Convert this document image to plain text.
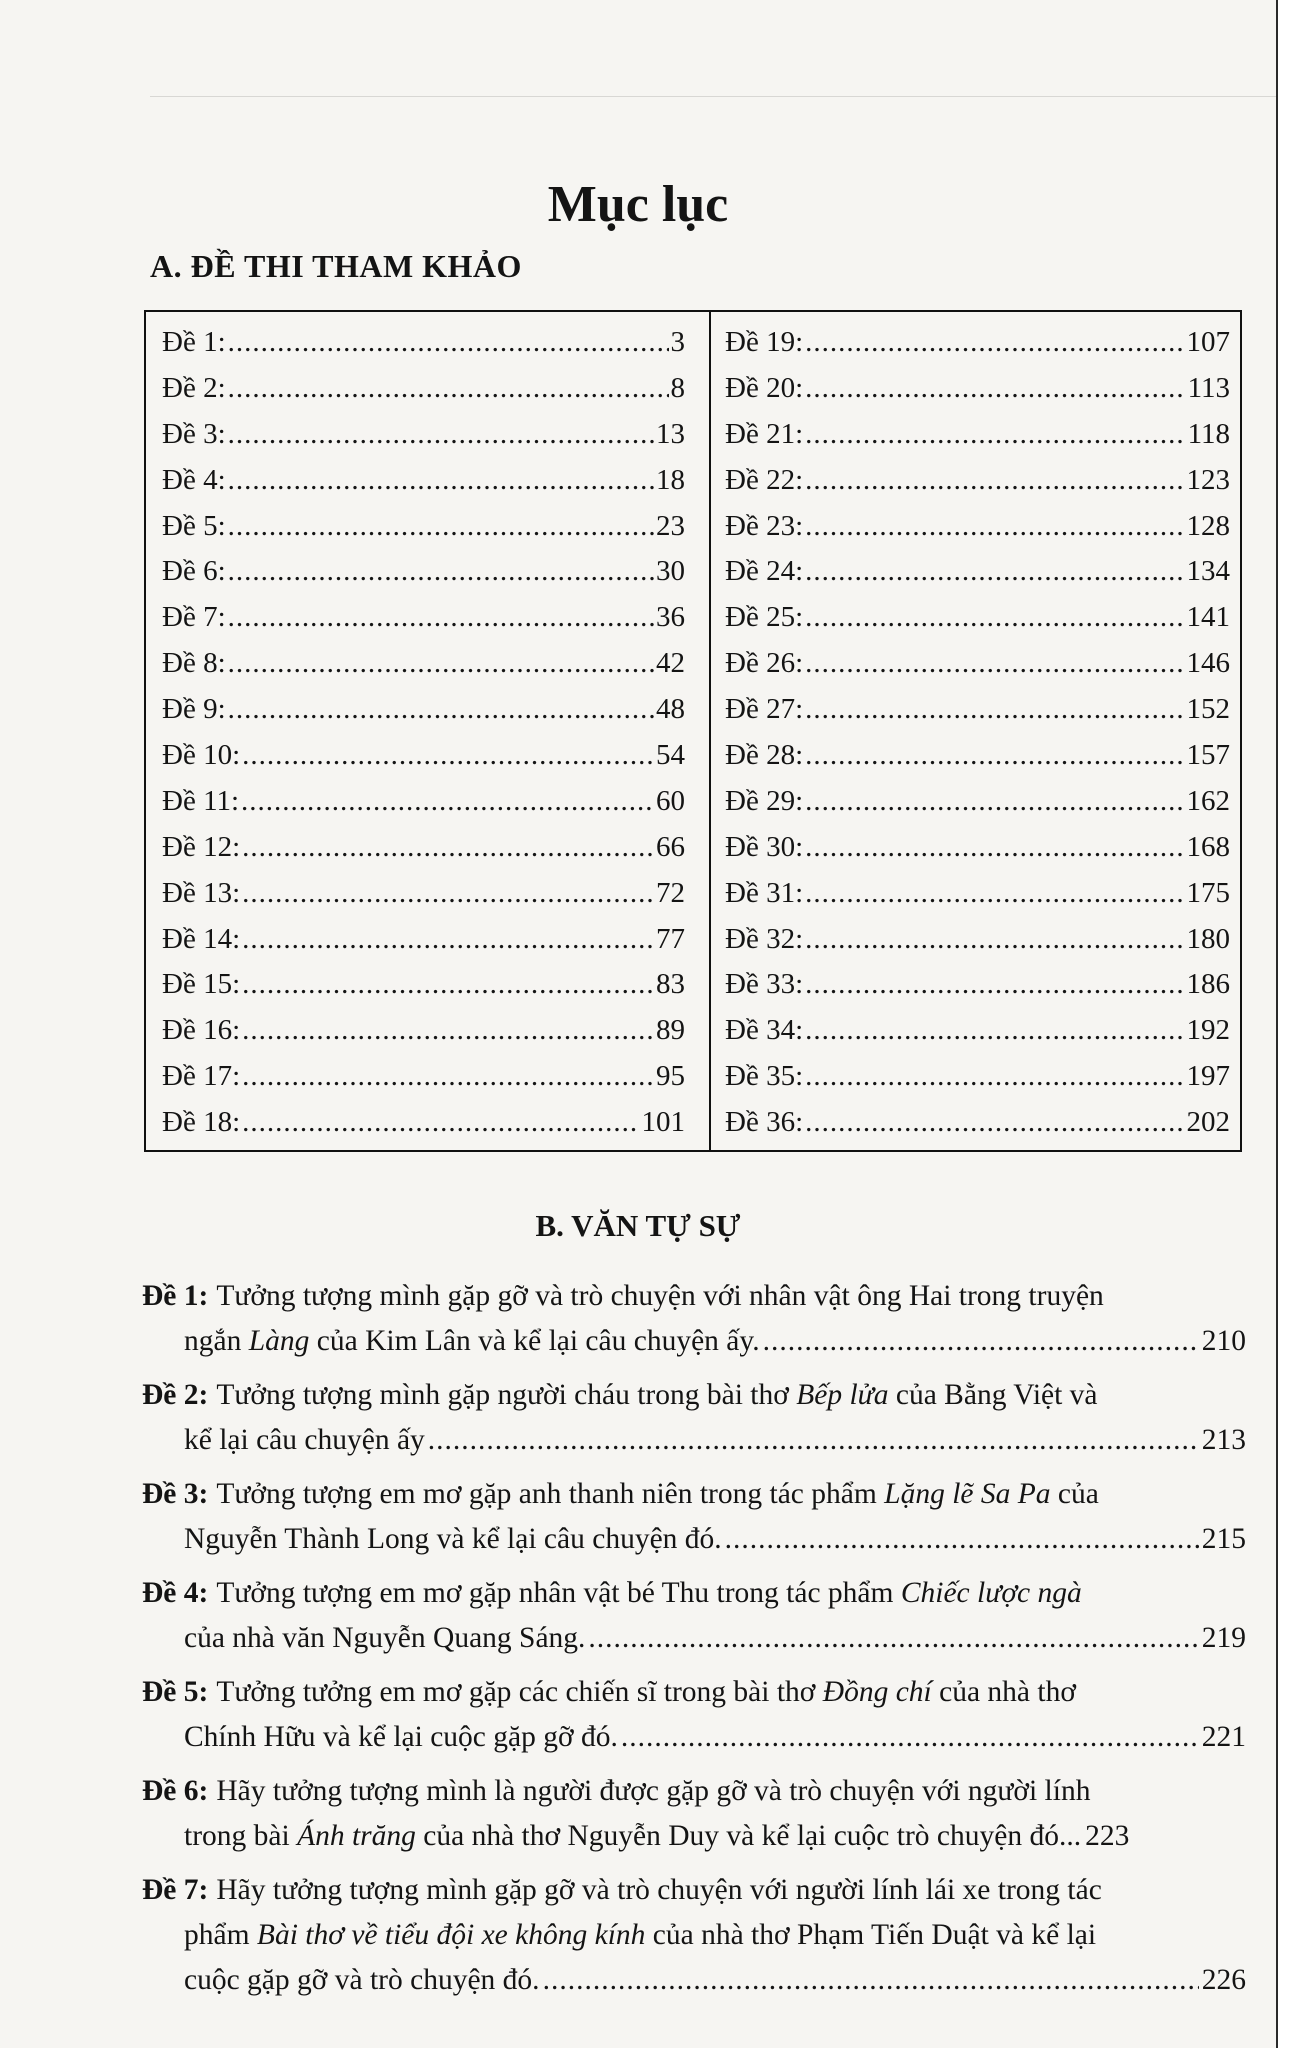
Mục lục
A. ĐỀ THI THAM KHẢO
Đề 1: .....	3
Đề 2: .....	8
Đề 3: .....	13
Đề 4: .....	18
Đề 5: .....	23
Đề 6: .....	30
Đề 7: .....	36
Đề 8: .....	42
Đề 9: .....	48
Đề 10: .....	54
Đề 11: .....	60
Đề 12: .....	66
Đề 13: .....	72
Đề 14: .....	77
Đề 15: .....	83
Đề 16: .....	89
Đề 17: .....	95
Đề 18: .....	101
Đề 19: .....	107
Đề 20: .....	113
Đề 21: .....	118
Đề 22: .....	123
Đề 23: .....	128
Đề 24: .....	134
Đề 25: .....	141
Đề 26: .....	146
Đề 27: .....	152
Đề 28: .....	157
Đề 29: .....	162
Đề 30: .....	168
Đề 31: .....	175
Đề 32: .....	180
Đề 33: .....	186
Đề 34: .....	192
Đề 35: .....	197
Đề 36: .....	202
B. VĂN TỰ SỰ
Đề 1: Tưởng tượng mình gặp gỡ và trò chuyện với nhân vật ông Hai trong truyện
ngắn Làng của Kim Lân và kể lại câu chuyện ấy. .....	210
Đề 2: Tưởng tượng mình gặp người cháu trong bài thơ Bếp lửa của Bằng Việt và
kể lại câu chuyện ấy .....	213
Đề 3: Tưởng tượng em mơ gặp anh thanh niên trong tác phẩm Lặng lẽ Sa Pa của
Nguyễn Thành Long và kể lại câu chuyện đó. .....	215
Đề 4: Tưởng tượng em mơ gặp nhân vật bé Thu trong tác phẩm Chiếc lược ngà
của nhà văn Nguyễn Quang Sáng. .....	219
Đề 5: Tưởng tưởng em mơ gặp các chiến sĩ trong bài thơ Đồng chí của nhà thơ
Chính Hữu và kể lại cuộc gặp gỡ đó. .....	221
Đề 6: Hãy tưởng tượng mình là người được gặp gỡ và trò chuyện với người lính
trong bài Ánh trăng của nhà thơ Nguyễn Duy và kể lại cuộc trò chuyện đó... 223
Đề 7: Hãy tưởng tượng mình gặp gỡ và trò chuyện với người lính lái xe trong tác
phẩm Bài thơ về tiểu đội xe không kính của nhà thơ Phạm Tiến Duật và kể lại
cuộc gặp gỡ và trò chuyện đó. .....	226
